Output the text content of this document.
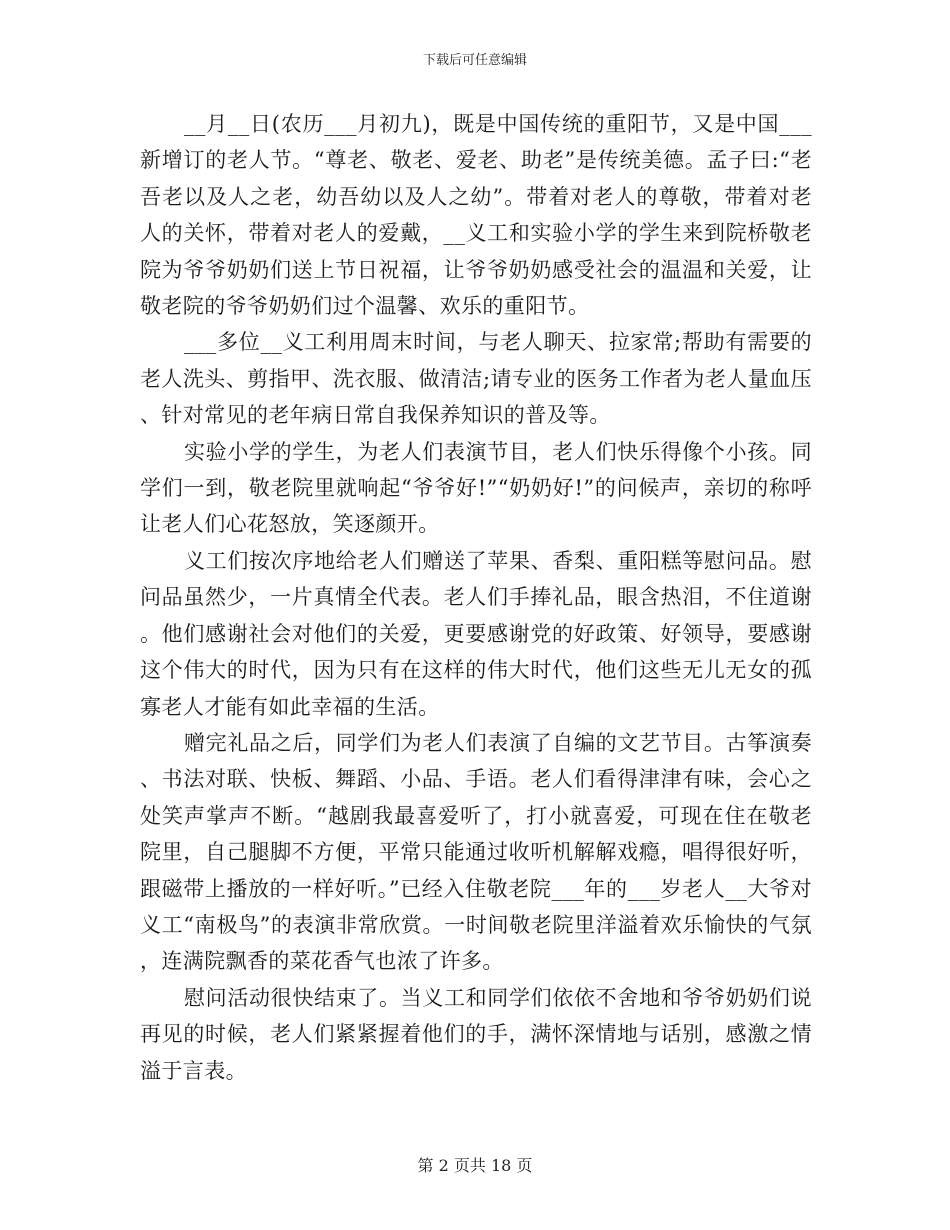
下载后可任意编辑

__月__日(农历___月初九)，既是中国传统的重阳节，又是中国___新增订的老人节。“尊老、敬老、爱老、助老”是传统美德。孟子曰:“老吾老以及人之老，幼吾幼以及人之幼”。带着对老人的尊敬，带着对老人的关怀，带着对老人的爱戴，__义工和实验小学的学生来到院桥敬老院为爷爷奶奶们送上节日祝福，让爷爷奶奶感受社会的温温和关爱，让敬老院的爷爷奶奶们过个温馨、欢乐的重阳节。

___多位__义工利用周末时间，与老人聊天、拉家常;帮助有需要的老人洗头、剪指甲、洗衣服、做清洁;请专业的医务工作者为老人量血压、针对常见的老年病日常自我保养知识的普及等。

实验小学的学生，为老人们表演节目，老人们快乐得像个小孩。同学们一到，敬老院里就响起“爷爷好!”“奶奶好!”的问候声，亲切的称呼让老人们心花怒放，笑逐颜开。

义工们按次序地给老人们赠送了苹果、香梨、重阳糕等慰问品。慰问品虽然少，一片真情全代表。老人们手捧礼品，眼含热泪，不住道谢。他们感谢社会对他们的关爱，更要感谢党的好政策、好领导，要感谢这个伟大的时代，因为只有在这样的伟大时代，他们这些无儿无女的孤寡老人才能有如此幸福的生活。

赠完礼品之后，同学们为老人们表演了自编的文艺节目。古筝演奏、书法对联、快板、舞蹈、小品、手语。老人们看得津津有味，会心之处笑声掌声不断。“越剧我最喜爱听了，打小就喜爱，可现在住在敬老院里，自己腿脚不方便，平常只能通过收听机解解戏瘾，唱得很好听，跟磁带上播放的一样好听。”已经入住敬老院___年的___岁老人__大爷对义工“南极鸟”的表演非常欣赏。一时间敬老院里洋溢着欢乐愉快的气氛，连满院飘香的菜花香气也浓了许多。

慰问活动很快结束了。当义工和同学们依依不舍地和爷爷奶奶们说再见的时候，老人们紧紧握着他们的手，满怀深情地与话别，感激之情溢于言表。

第 2 页共 18 页
